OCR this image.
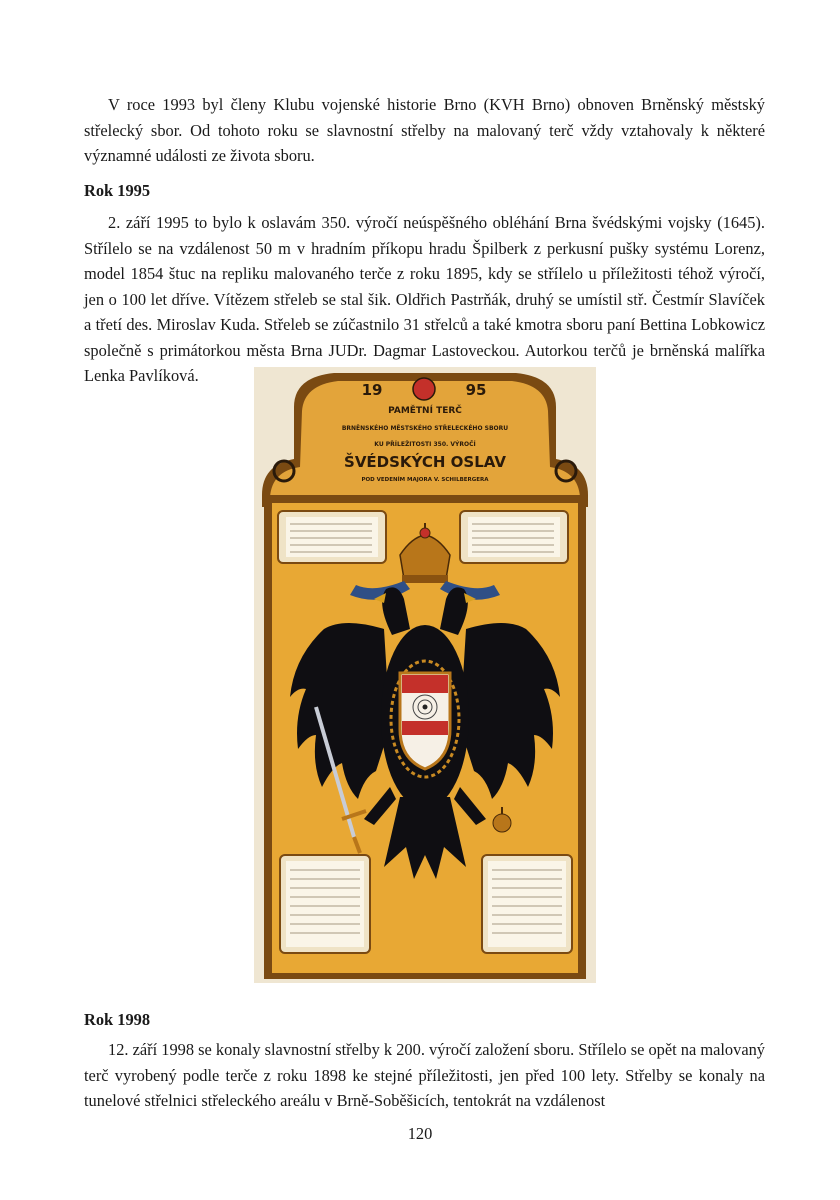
V roce 1993 byl členy Klubu vojenské historie Brno (KVH Brno) obnoven Brněnský městský střelecký sbor. Od tohoto roku se slavnostní střelby na malovaný terč vždy vztahovaly k některé významné události ze života sboru.

Rok 1995

2. září 1995 to bylo k oslavám 350. výročí neúspěšného obléhání Brna švédskými vojsky (1645). Střílelo se na vzdálenost 50 m v hradním příkopu hradu Špilberk z perkusní pušky systému Lorenz, model 1854 štuc na repliku malovaného terče z roku 1895, kdy se střílelo u příležitosti téhož výročí, jen o 100 let dříve. Vítězem střeleb se stal šik. Oldřich Pastrňák, druhý se umístil stř. Čestmír Slavíček a třetí des. Miroslav Kuda. Střeleb se zúčastnilo 31 střelců a také kmotra sboru paní Bettina Lobkowicz společně s primátorkou města Brna JUDr. Dagmar Lastoveckou. Autorkou terčů je brněnská malířka Lenka Pavlíková.

19	95
PAMĚTNÍ TERČ
BRNĚNSKÉHO MĚSTSKÉHO STŘELECKÉHO SBORU
KU PŘÍLEŽITOSTI 350. VÝROČÍ
ŠVÉDSKÝCH OSLAV
POD VEDENÍM MAJORA V. SCHILBERGERA
Rok 1998

12. září 1998 se konaly slavnostní střelby k 200. výročí založení sboru. Střílelo se opět na malovaný terč vyrobený podle terče z roku 1898 ke stejné příležitosti, jen před 100 lety. Střelby se konaly na tunelové střelnici střeleckého areálu v Brně-Soběšicích, tentokrát na vzdálenost

120
